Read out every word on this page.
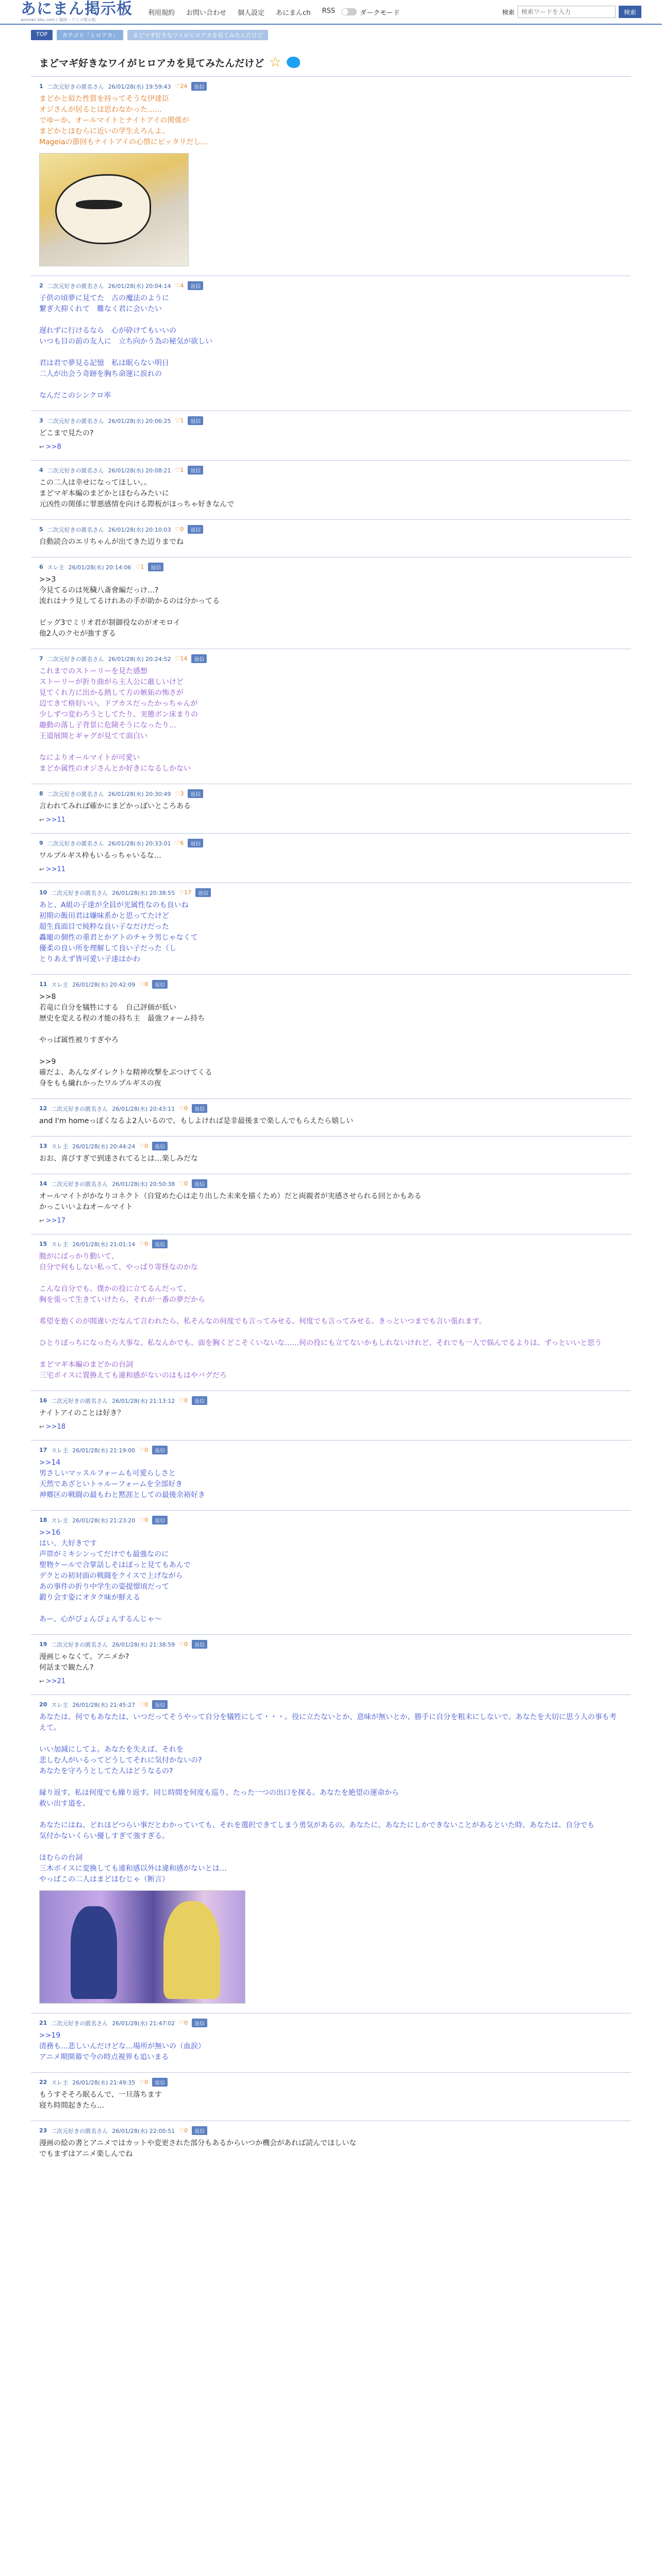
あにまん掲示板
animan bbs.com / 漫画・アニメ掲示板
利用規約 お問い合わせ 個人設定 あにまんch RSS	ダークモード	検索
検索ワードを入力	検索
TOP	カテゴリ「ヒロアカ」	まどマギ好きなワイがヒロアカを見てみたんだけど
まどマギ好きなワイがヒロアカを見てみたんだけど ☆
1 二次元好きの匿名さん 26/01/28(水) 19:59:43 ♡24	返信
まどかと似た性質を持ってそうな伊達臣
オジさんが居るとは思わなかった……
でゆーか、オールマイトとナイトアイの関係が
まどかとほむらに近いの学生えろんよ。
Mageiaの節回もナイトアイの心情にピッタリだし…
2 二次元好きの匿名さん 26/01/28(水) 20:04:14 ♡4	返信
子供の頃夢に見てた　古の魔法のように
繋ぎ大抑くれて　難なく君に会いたい
遅れずに行けるなら　心が砕けてもいいの
いつも目の前の友人に　立ち向かう為の秘気が欲しい
君は君で夢見る記憶　私は眠らない明日
二人が出会う奇跡を胸ち命運に涙れの
なんだこのシンクロ率
3 二次元好きの匿名さん 26/01/28(水) 20:06:25 ♡1	返信
どこまで見たの?
↩ >>8
4 二次元好きの匿名さん 26/01/28(水) 20:08:21 ♡1	返信
この二人は幸せになってほしい。。
まどマギ本編のまどかとほむらみたいに
元凶性の関係に罪悪感情を向ける際板がほっちゃ好きなんで
5 二次元好きの匿名さん 26/01/28(水) 20:10:03 ♡0	返信
自動読合のエリちゃんが出てきた辺りまでね
6 スレ主 26/01/28(水) 20:14:06 ♡1	返信
>>3
今見てるのは死穢八斎會編だっけ…?
流れはナラ見してるけれあの手が助かるのは分かってる
ビッグ3でミリオ君が制御役なのがオモロイ
他2人のクセが強すぎる
7 二次元好きの匿名さん 26/01/28(水) 20:24:52 ♡14	返信
これまでのストーリーを見た感想
ストーリーが折り曲がら主人公に厳しいけど
見てくれ方に出かる熱して方の嫉妬の怖さが
辺てきて格好いい。ドブカスだったかっちゃんが
少しずつ変わろうとしてたり、実態ボン床まりの
趣動の落し子背景に危険そうになったり…
王道展開とギャグが見てて面白い
なによりオールマイトが可愛い
まどか属性のオジさんとか好きになるしかない
8 二次元好きの匿名さん 26/01/28(水) 20:30:49 ♡3	返信
言われてみれば確かにまどかっぽいところある
↩ >>11
9 二次元好きの匿名さん 26/01/28(水) 20:33:01 ♡6	返信
ワルプルギス枠もいるっちゃいるな…
↩ >>11
10 二次元好きの匿名さん 26/01/28(水) 20:38:55 ♡17	返信
あと、A組の子達が全員が光属性なのも良いね
初期の飯田君は嫌味系かと思ってたけど
超生真面目で純粋な良い子なだけだった
轟寵の個性の重君とかアトのチャラ男じゃなくて
優柔の良い所を理解して良い子だった（し
とりあえず皆可愛い子達はかわ
11 スレ主 26/01/28(水) 20:42:09 ♡0	返信
>>8
若竜に自分を犠牲にする　自己評価が低い
歴史を変える程の才能の持ち主　最強フォーム持ち
やっぱ属性被りすぎやろ
>>9
確だよ、あんなダイレクトな精神攻撃をぶつけてくる
身をもも繊れかったワルプルギスの夜
12 二次元好きの匿名さん 26/01/28(水) 20:43:11 ♡0	返信
and I'm homeっぽくなるよ2人いるので、もしよければ是非最後まで楽しんでもらえたら嬉しい
13 スレ主 26/01/28(水) 20:44:24 ♡0	返信
おお、喜びすぎで到達されてるとは…楽しみだな
14 二次元好きの匿名さん 26/01/28(水) 20:50:38 ♡0	返信
オールマイトがかなりコネクト（自覚めた心は走り出した未来を描くため）だと両親者が実感させられる回とかもある
かっこいいよねオールマイト
↩ >>17
15 スレ主 26/01/28(水) 21:01:14 ♡0	返信
腹がにばっかり動いて、
自分で何もしない私って、やっぱり寄怪なのかな
こんな自分でも、僕かの役に立てるんだって、
胸を張って生きていけたら、それが一番の夢だから
希望を抱くのが間違いだなんて言われたら、私そんなの何度でも言ってみせる。何度でも言ってみせる。きっといつまでも言い張れます。
ひとりぼっちになったら大事な、私なんかでも、面を胸くどこそくいないな……何の役にも立てないかもしれないけれど、それでも一人で悩んでるよりは、ずっといいと思う
まどマギ本編のまどかの台詞
三宅ボイスに置換えても違和感がないのはもはやバグだろ
16 二次元好きの匿名さん 26/01/28(水) 21:13:12 ♡0	返信
ナイトアイのことは好き？
↩ >>18
17 スレ主 26/01/28(水) 21:19:00 ♡0	返信
>>14
男さしいマッスルフォームも可愛らしさと
天然であざといトゥルーフォームを全部好き
神郷区の戦闘の最もわと黙涯としての最後余裕好き
18 スレ主 26/01/28(水) 21:23:20 ♡0	返信
>>16
はい、大好きです
声帯がミキシンってだけでも最強なのに
聖物ケールで合掌話しそはぼっと見てもあんで
デクとの初対面の戦闘をクイスで上げながら
あの事件の折り中学生の姿提憬頃だって
鍛り会す姿にオタク味が鮮える
あー、心がぴょんぴょんするんじゃ～
19 二次元好きの匿名さん 26/01/28(水) 21:38:59 ♡0	返信
漫画じゃなくて、アニメか?
何話まで観たん?
↩ >>21
20 スレ主 26/01/28(水) 21:45:27 ♡0	返信
あなたは、何でもあなたは、いつだってそうやって自分を犠牲にして・・・。役に立たないとか、意味が無いとか、勝手に自分を粗末にしないで。あなたを大切に思う人の事も考えて。
いい加減にしてよ。あなたを失えば、それを
悲しむ人がいるってどうしてそれに気付かないの?
あなたを守ろうとしてた人はどうなるの?
縁り返す、私は何度でも繰り返す。同じ時間を何度も巡り、たった一つの出口を探る。あなたを絶望の運命から
救い出す道を。
あなたにはね、どれほどつらい事だとわかっていても、それを選択できてしまう勇気があるの。あなたに、あなたにしかできないことがあるといた時、あなたは、自分でも
気付かないくらい優しすぎて強すぎる。
ほむらの台詞
三木ボイスに変換しても違和感以外は違和感がないとは…
やっぱこの二人はまどほむじゃ（断言）
21 二次元好きの匿名さん 26/01/28(水) 21:47:02 ♡0	返信
>>19
清務も…悲しいんだけどな…場所が無いの（血涙）
アニメ期開幕で今の時点視界も追いまる
22 スレ主 26/01/28(水) 21:49:35 ♡0	返信
もうすそそろ眠るんで、一旦落ちます
寝ち時間起きたら…
23 二次元好きの匿名さん 26/01/28(水) 22:00:51 ♡0	返信
漫画の絵の書とアニメではカットや変更された部分もあるからいつか機会があれば読んでほしいな
でもまずはアニメ楽しんでね
